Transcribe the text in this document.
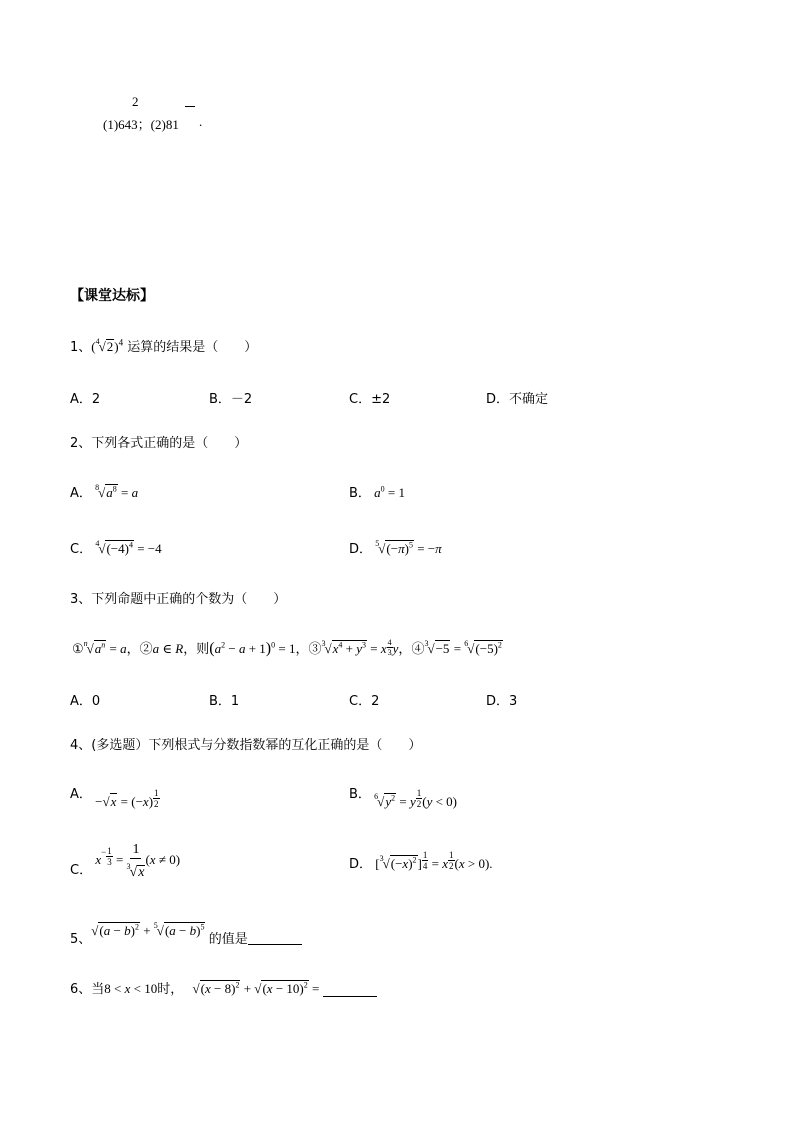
2
(1)643；(2)81 .
【课堂达标】
1、$(^4√2)^4$ 运算的结果是（　　）
A．2	B．－2	C．±2	D．不确定
2、下列各式正确的是（　　）
A． $^8√a^8 = a$	B． $a^0 = 1$
C． $^4√(-4)^4 = -4$	D． $^5√(-\pi)^5 = -\pi$
3、下列命题中正确的个数为（　　）
$①^n√a^n = a$，②a ∈ R，则$(a^2 - a + 1)^0 = 1$，$③^3√x^4 + y^3 = x \frac{4}{3}$ y，④$^3$√−5 = $^6√(-5)^2$
A．0	B．1	C．2	D．3
4、(多选题）下列根式与分数指数幂的互化正确的是（　　）
A． $-√x = (-x) \frac{1}{2}$	B． $^6√y^2 = y \frac{1}{2} (y < 0)$
C． $x^- \frac{1}{3} = \frac{1}{^3√x} (x \ne 0)$	D． $[^3√(-x)^2] \frac{1}{4} = x \frac{1}{2} (x > 0)$.
5、$√(a - b)^2 + ^5√(a - b)^5$ 的值是
6、当8 < x < 10时， $√(x - 8)^2 + √(x - 10)^2$ =
